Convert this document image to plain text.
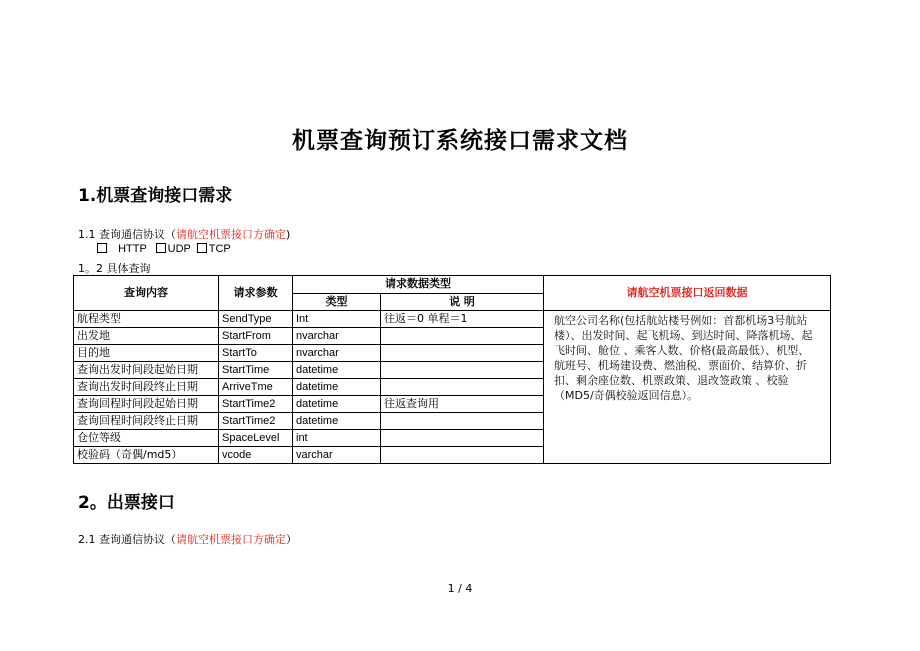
机票查询预订系统接口需求文档
1.机票查询接口需求
1.1 查询通信协议（请航空机票接口方确定)
HTTP UDP TCP
1。2 具体查询
查询内容	请求参数	请求数据类型		请航空机票接口返回数据
		类型	说 明	
航程类型	SendType	Int	往返＝0 单程＝1	航空公司名称(包括航站楼号例如：首都机场3号航站楼）、出发时间、起飞机场、到达时间、降落机场、起飞时间、舱位 、乘客人数、价格(最高最低）、机型、航班号、机场建设费、燃油税、票面价、结算价、折扣、剩余座位数、机票政策、退改签政策 、校验（MD5/奇偶校验返回信息）。
出发地	StartFrom	nvarchar		
目的地	StartTo	nvarchar		
查询出发时间段起始日期	StartTime	datetime		
查询出发时间段终止日期	ArriveTme	datetime		
查询回程时间段起始日期	StartTime2	datetime	往返查询用	
查询回程时间段终止日期	StartTime2	datetime		
仓位等级	SpaceLevel	int		
校验码（奇偶/md5）	vcode	varchar		
2。出票接口
2.1 查询通信协议（请航空机票接口方确定）
1 / 4
